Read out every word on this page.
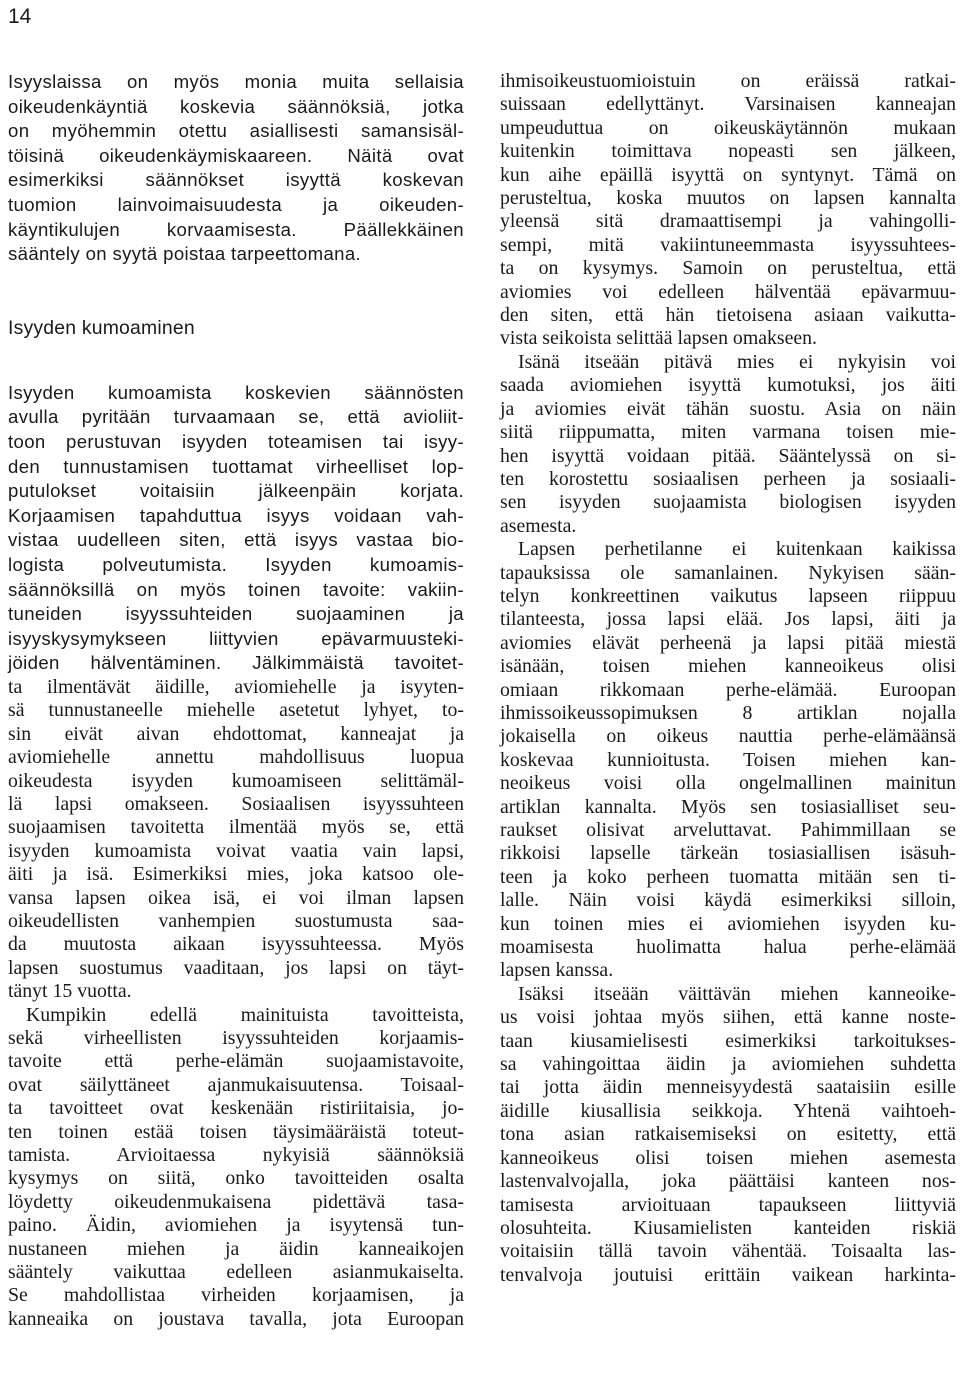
14

Isyyslaissa on myös monia muita sellaisia
oikeudenkäyntiä koskevia säännöksiä, jotka
on myöhemmin otettu asiallisesti samansisäl-
töisinä oikeudenkäymiskaareen. Näitä ovat
esimerkiksi säännökset isyyttä koskevan
tuomion lainvoimaisuudesta ja oikeuden-
käyntikulujen korvaamisesta. Päällekkäinen
sääntely on syytä poistaa tarpeettomana.

Isyyden kumoaminen

Isyyden kumoamista koskevien säännösten
avulla pyritään turvaamaan se, että avioliit-
toon perustuvan isyyden toteamisen tai isyy-
den tunnustamisen tuottamat virheelliset lop-
putulokset voitaisiin jälkeenpäin korjata.
Korjaamisen tapahduttua isyys voidaan vah-
vistaa uudelleen siten, että isyys vastaa bio-
logista polveutumista. Isyyden kumoamis-
säännöksillä on myös toinen tavoite: vakiin-
tuneiden isyyssuhteiden suojaaminen ja
isyyskysymykseen liittyvien epävarmuusteki-
jöiden hälventäminen. Jälkimmäistä tavoitet-

ta ilmentävät äidille, aviomiehelle ja isyyten-
sä tunnustaneelle miehelle asetetut lyhyet, to-
sin eivät aivan ehdottomat, kanneajat ja
aviomiehelle annettu mahdollisuus luopua
oikeudesta isyyden kumoamiseen selittämäl-
lä lapsi omakseen. Sosiaalisen isyyssuhteen
suojaamisen tavoitetta ilmentää myös se, että
isyyden kumoamista voivat vaatia vain lapsi,
äiti ja isä. Esimerkiksi mies, joka katsoo ole-
vansa lapsen oikea isä, ei voi ilman lapsen
oikeudellisten vanhempien suostumusta saa-
da muutosta aikaan isyyssuhteessa. Myös
lapsen suostumus vaaditaan, jos lapsi on täyt-
tänyt 15 vuotta.

Kumpikin edellä mainituista tavoitteista,
sekä virheellisten isyyssuhteiden korjaamis-
tavoite että perhe-elämän suojaamistavoite,
ovat säilyttäneet ajanmukaisuutensa. Toisaal-
ta tavoitteet ovat keskenään ristiriitaisia, jo-
ten toinen estää toisen täysimääräistä toteut-
tamista. Arvioitaessa nykyisiä säännöksiä
kysymys on siitä, onko tavoitteiden osalta
löydetty oikeudenmukaisena pidettävä tasa-
paino. Äidin, aviomiehen ja isyytensä tun-
nustaneen miehen ja äidin kanneaikojen
sääntely vaikuttaa edelleen asianmukaiselta.
Se mahdollistaa virheiden korjaamisen, ja
kanneaika on joustava tavalla, jota Euroopan

ihmisoikeustuomioistuin on eräissä ratkai-
suissaan edellyttänyt. Varsinaisen kanneajan
umpeuduttua on oikeuskäytännön mukaan
kuitenkin toimittava nopeasti sen jälkeen,
kun aihe epäillä isyyttä on syntynyt. Tämä on
perusteltua, koska muutos on lapsen kannalta
yleensä sitä dramaattisempi ja vahingolli-
sempi, mitä vakiintuneemmasta isyyssuhtees-
ta on kysymys. Samoin on perusteltua, että
aviomies voi edelleen hälventää epävarmuu-
den siten, että hän tietoisena asiaan vaikutta-
vista seikoista selittää lapsen omakseen.

Isänä itseään pitävä mies ei nykyisin voi
saada aviomiehen isyyttä kumotuksi, jos äiti
ja aviomies eivät tähän suostu. Asia on näin
siitä riippumatta, miten varmana toisen mie-
hen isyyttä voidaan pitää. Sääntelyssä on si-
ten korostettu sosiaalisen perheen ja sosiaali-
sen isyyden suojaamista biologisen isyyden
asemesta.

Lapsen perhetilanne ei kuitenkaan kaikissa
tapauksissa ole samanlainen. Nykyisen sään-
telyn konkreettinen vaikutus lapseen riippuu
tilanteesta, jossa lapsi elää. Jos lapsi, äiti ja
aviomies elävät perheenä ja lapsi pitää miestä
isänään, toisen miehen kanneoikeus olisi
omiaan rikkomaan perhe-elämää. Euroopan
ihmissoikeussopimuksen 8 artiklan nojalla
jokaisella on oikeus nauttia perhe-elämäänsä
koskevaa kunnioitusta. Toisen miehen kan-
neoikeus voisi olla ongelmallinen mainitun
artiklan kannalta. Myös sen tosiasialliset seu-
raukset olisivat arveluttavat. Pahimmillaan se
rikkoisi lapselle tärkeän tosiasiallisen isäsuh-
teen ja koko perheen tuomatta mitään sen ti-
lalle. Näin voisi käydä esimerkiksi silloin,
kun toinen mies ei aviomiehen isyyden ku-
moamisesta huolimatta halua perhe-elämää
lapsen kanssa.

Isäksi itseään väittävän miehen kanneoike-
us voisi johtaa myös siihen, että kanne noste-
taan kiusamielisesti esimerkiksi tarkoitukses-
sa vahingoittaa äidin ja aviomiehen suhdetta
tai jotta äidin menneisyydestä saataisiin esille
äidille kiusallisia seikkoja. Yhtenä vaihtoeh-
tona asian ratkaisemiseksi on esitetty, että
kanneoikeus olisi toisen miehen asemesta
lastenvalvojalla, joka päättäisi kanteen nos-
tamisesta arvioituaan tapaukseen liittyviä
olosuhteita. Kiusamielisten kanteiden riskiä
voitaisiin tällä tavoin vähentää. Toisaalta las-
tenvalvoja joutuisi erittäin vaikean harkinta-
